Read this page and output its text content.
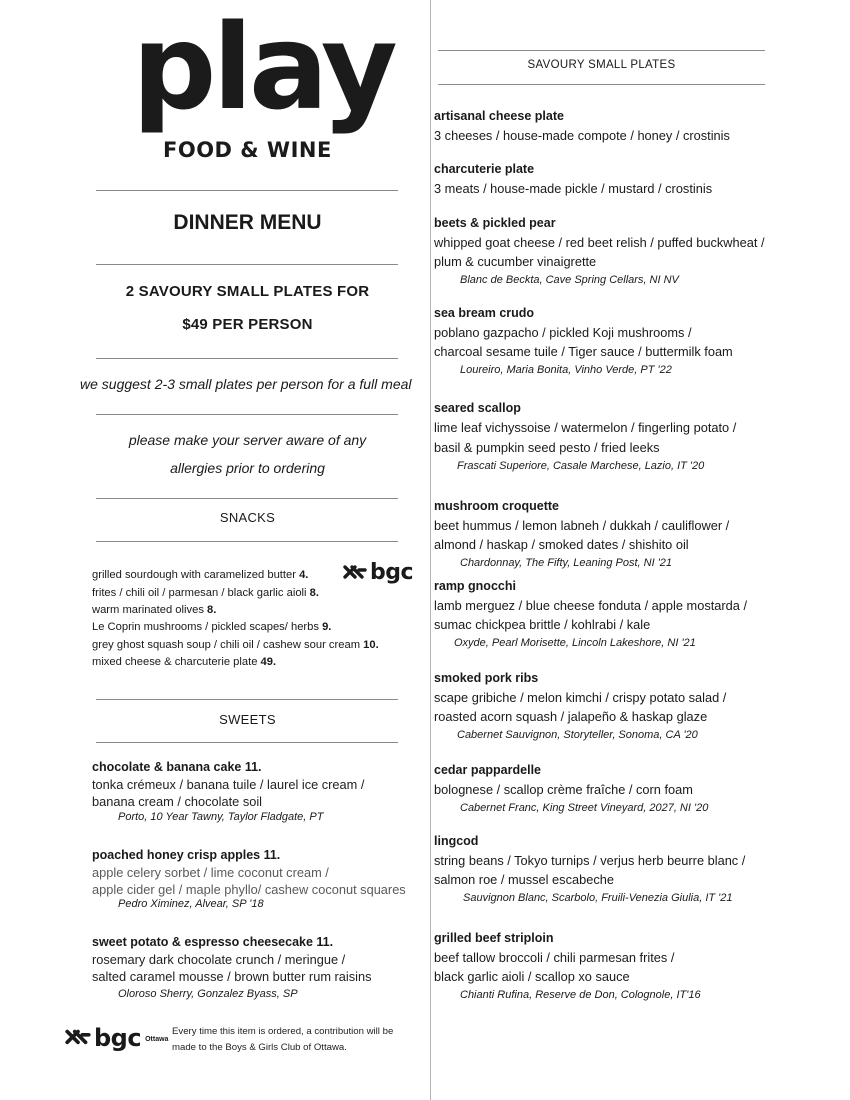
play
FOOD & WINE
DINNER MENU
2 SAVOURY SMALL PLATES FOR
$49 PER PERSON
we suggest 2-3 small plates per person for a full meal
please make your server aware of any
allergies prior to ordering
SNACKS
grilled sourdough with caramelized butter 4.
frites / chili oil / parmesan / black garlic aioli 8.
warm marinated olives 8.
Le Coprin mushrooms / pickled scapes/ herbs 9.
grey ghost squash soup / chili oil / cashew sour cream 10.
mixed cheese & charcuterie plate 49.
bgc
SWEETS
chocolate & banana cake 11.
tonka crémeux / banana tuile / laurel ice cream /
banana cream / chocolate soil
Porto, 10 Year Tawny, Taylor Fladgate, PT
poached honey crisp apples 11.
apple celery sorbet / lime coconut cream /
apple cider gel / maple phyllo/ cashew coconut squares
Pedro Ximinez, Alvear, SP '18
sweet potato & espresso cheesecake 11.
rosemary dark chocolate crunch / meringue /
salted caramel mousse / brown butter rum raisins
Oloroso Sherry, Gonzalez Byass, SP
bgc Ottawa
Every time this item is ordered, a contribution will be made to the Boys & Girls Club of Ottawa.
SAVOURY SMALL PLATES
artisanal cheese plate
3 cheeses / house-made compote / honey / crostinis
charcuterie plate
3 meats / house-made pickle / mustard / crostinis
beets & pickled pear
whipped goat cheese / red beet relish / puffed buckwheat /
plum & cucumber vinaigrette
Blanc de Beckta, Cave Spring Cellars, NI NV
sea bream crudo
poblano gazpacho / pickled Koji mushrooms /
charcoal sesame tuile / Tiger sauce / buttermilk foam
Loureiro, Maria Bonita, Vinho Verde, PT '22
seared scallop
lime leaf vichyssoise / watermelon / fingerling potato /
basil & pumpkin seed pesto / fried leeks
Frascati Superiore, Casale Marchese, Lazio, IT '20
mushroom croquette
beet hummus / lemon labneh / dukkah / cauliflower /
almond / haskap / smoked dates / shishito oil
Chardonnay, The Fifty, Leaning Post, NI '21
ramp gnocchi
lamb merguez / blue cheese fonduta / apple mostarda /
sumac chickpea brittle / kohlrabi / kale
Oxyde, Pearl Morisette, Lincoln Lakeshore, NI '21
smoked pork ribs
scape gribiche / melon kimchi / crispy potato salad /
roasted acorn squash / jalapeño & haskap glaze
Cabernet Sauvignon, Storyteller, Sonoma, CA '20
cedar pappardelle
bolognese / scallop crème fraîche / corn foam
Cabernet Franc, King Street Vineyard, 2027, NI '20
lingcod
string beans / Tokyo turnips / verjus herb beurre blanc /
salmon roe / mussel escabeche
Sauvignon Blanc, Scarbolo, Fruili-Venezia Giulia, IT '21
grilled beef striploin
beef tallow broccoli / chili parmesan frites /
black garlic aioli / scallop xo sauce
Chianti Rufina, Reserve de Don, Colognole, IT'16
